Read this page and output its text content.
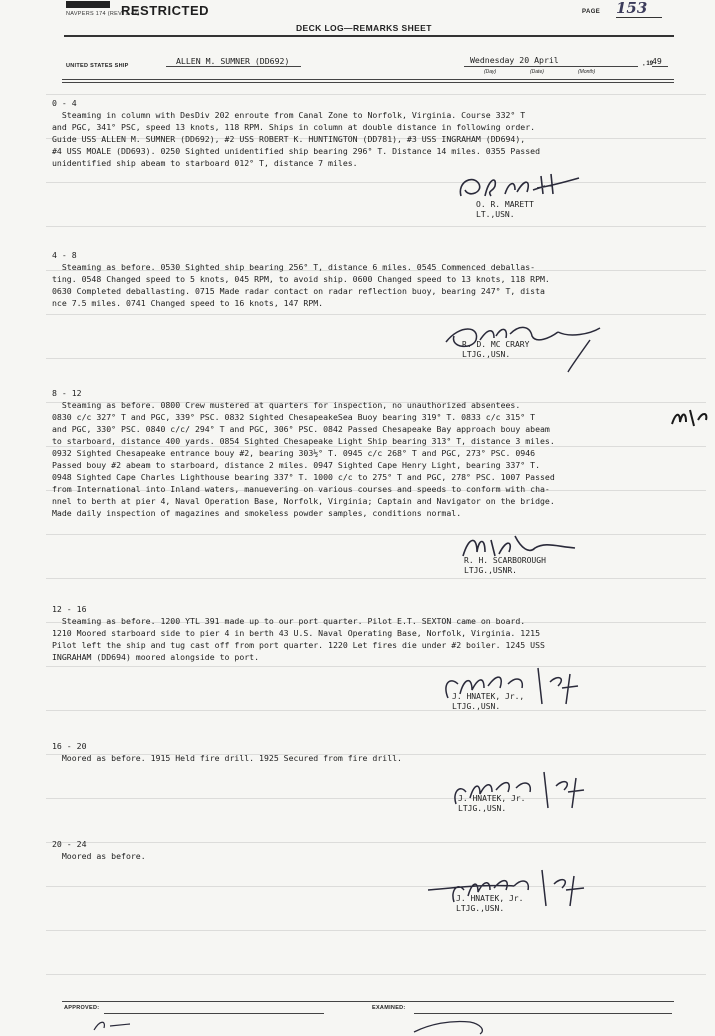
NAVPERS 174 (REV. 1-47)
RESTRICTED
DECK LOG—REMARKS SHEET
PAGE 153
UNITED STATES SHIP	ALLEN M. SUMNER (DD692)	Wednesday 20 April
(Day)	(Date)	(Month)
, 19
49
0 - 4

Steaming in column with DesDiv 202 enroute from Canal Zone to Norfolk, Virginia. Course 332° T

and PGC, 341° PSC, speed 13 knots, 118 RPM. Ships in column at double distance in following order.

Guide USS ALLEN M. SUMNER (DD692), #2 USS ROBERT K. HUNTINGTON (DD781), #3 USS INGRAHAM (DD694),

#4 USS MOALE (DD693). 0250 Sighted unidentified ship bearing 296° T. Distance 14 miles. 0355 Passed

unidentified ship abeam to starboard 012° T, distance 7 miles.

O. R. MARETT
LT.,USN.
4 - 8

Steaming as before. 0530 Sighted ship bearing 256° T, distance 6 miles. 0545 Commenced deballas-

ting. 0548 Changed speed to 5 knots, 045 RPM, to avoid ship. 0600 Changed speed to 13 knots, 118 RPM.

0630 Completed deballasting. 0715 Made radar contact on radar reflection buoy, bearing 247° T, dista

nce 7.5 miles. 0741 Changed speed to 16 knots, 147 RPM.

R. D. MC CRARY
LTJG.,USN.
8 - 12

Steaming as before. 0800 Crew mustered at quarters for inspection, no unauthorized absentees.

0830 c/c 327° T and PGC, 339° PSC. 0832 Sighted ChesapeakeSea Buoy bearing 319° T. 0833 c/c 315° T

and PGC, 330° PSC. 0840 c/c/ 294° T and PGC, 306° PSC. 0842 Passed Chesapeake Bay approach bouy abeam

to starboard, distance 400 yards. 0854 Sighted Chesapeake Light Ship bearing 313° T, distance 3 miles.

0932 Sighted Chesapeake entrance bouy #2, bearing 303½° T. 0945 c/c 268° T and PGC, 273° PSC. 0946

Passed bouy #2 abeam to starboard, distance 2 miles. 0947 Sighted Cape Henry Light, bearing 337° T.

0948 Sighted Cape Charles Lighthouse bearing 337° T. 1000 c/c to 275° T and PGC, 278° PSC. 1007 Passed

from International into Inland waters, manuevering on various courses and speeds to conform with cha-

nnel to berth at pier 4, Naval Operation Base, Norfolk, Virginia; Captain and Navigator on the bridge.

Made daily inspection of magazines and smokeless powder samples, conditions normal.

R. H. SCARBOROUGH
LTJG.,USNR.
12 - 16

Steaming as before. 1200 YTL 391 made up to our port quarter. Pilot E.T. SEXTON came on board.

1210 Moored starboard side to pier 4 in berth 43 U.S. Naval Operating Base, Norfolk, Virginia. 1215

Pilot left the ship and tug cast off from port quarter. 1220 Let fires die under #2 boiler. 1245 USS

INGRAHAM (DD694) moored alongside to port.

J. HNATEK, Jr.,
LTJG.,USN.
16 - 20

Moored as before. 1915 Held fire drill. 1925 Secured from fire drill.

J. HNATEK, Jr.
LTJG.,USN.
20 - 24

Moored as before.

J. HNATEK, Jr.
LTJG.,USN.
APPROVED:	EXAMINED:
